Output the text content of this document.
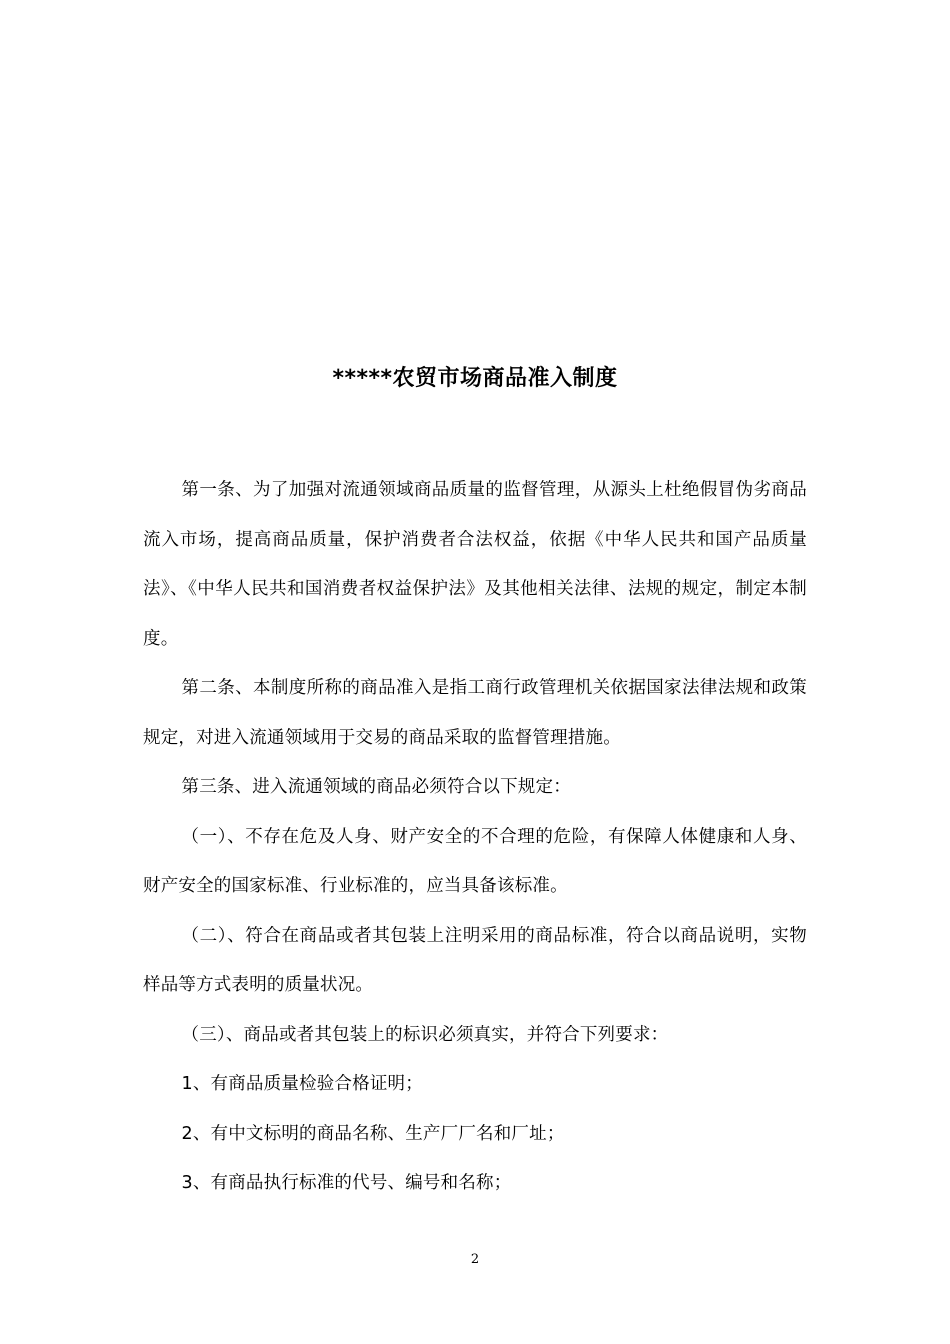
*****农贸市场商品准入制度

第一条、为了加强对流通领域商品质量的监督管理，从源头上杜绝假冒伪劣商品流入市场，提高商品质量，保护消费者合法权益，依据《中华人民共和国产品质量法》、《中华人民共和国消费者权益保护法》及其他相关法律、法规的规定，制定本制度。

第二条、本制度所称的商品准入是指工商行政管理机关依据国家法律法规和政策规定，对进入流通领域用于交易的商品采取的监督管理措施。

第三条、进入流通领域的商品必须符合以下规定：

（一）、不存在危及人身、财产安全的不合理的危险，有保障人体健康和人身、财产安全的国家标准、行业标准的，应当具备该标准。

（二）、符合在商品或者其包装上注明采用的商品标准，符合以商品说明，实物样品等方式表明的质量状况。

（三）、商品或者其包装上的标识必须真实，并符合下列要求：

1、有商品质量检验合格证明；

2、有中文标明的商品名称、生产厂厂名和厂址；

3、有商品执行标准的代号、编号和名称；

2
